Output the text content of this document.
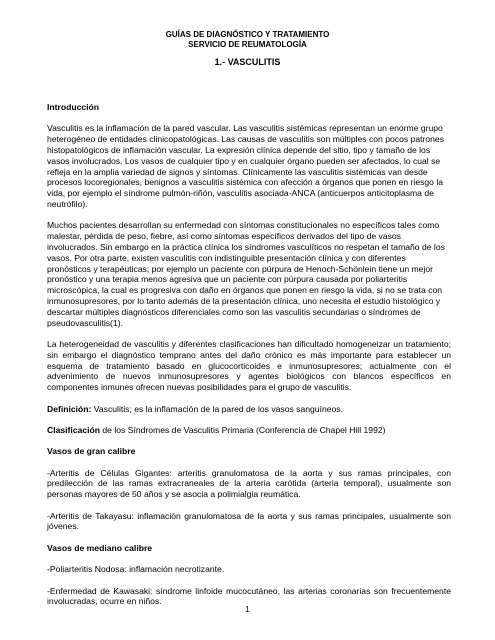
GUÍAS DE DIAGNÓSTICO Y TRATAMIENTO
SERVICIO DE REUMATOLOGÍA
1.- VASCULITIS

Introducción

Vasculitis es la inflamación de la pared vascular. Las vasculitis sistémicas representan un enorme grupo heterogéneo de entidades clinicopatológicas. Las causas de vasculitis son múltiples con pocos patrones histopatológicos de inflamación vascular. La expresión clínica depende del sitio, tipo y tamaño de los vasos involucrados. Los vasos de cualquier tipo y en cualquier órgano pueden ser afectados, lo cual se refleja en la amplia variedad de signos y síntomas. Clínicamente las vasculitis sistémicas van desde procesos locoregionales, benignos a vasculitis sistémica con afección a órganos que ponen en riesgo la vida, por ejemplo el síndrome pulmón-riñón, vasculitis asociada-ANCA (anticuerpos anticitoplasma de neutrófilo).

Muchos pacientes desarrollan su enfermedad con síntomas constitucionales no específicos tales como malestar, pérdida de peso, fiebre, así como síntomas específicos derivados del tipo de vasos involucrados. Sin embargo en la práctica clínica los síndromes vasculíticos no respetan el tamaño de los vasos. Por otra parte, existen vasculitis con indistinguible presentación clínica y con diferentes pronósticos y terapéuticas; por ejemplo un paciente con púrpura de Henoch-Schönlein tiene un mejor pronóstico y una terapia menos agresiva que un paciente con púrpura causada por poliarteritis microscópica, la cual es progresiva con daño en órganos que ponen en riesgo la vida, si no se trata con inmunosupresores, por lo tanto además de la presentación clínica, uno necesita el estudio histológico y descartar múltiples diagnósticos diferenciales como son las vasculitis secundarias o síndromes de pseudovasculitis(1).

La heterogeneidad de vasculitis y diferentes clasificaciones han dificultado homogeneizar un tratamiento; sin embargo el diagnóstico temprano antes del daño crónico es más importante para establecer un esquema de tratamiento basado en glucocorticoides e inmunosupresores; actualmente con el advenimiento de nuevos inmunosupresores y agentes biológicos con blancos específicos en componentes inmunes ofrecen nuevas posibilidades para el grupo de vasculitis.

Definición: Vasculitis; es la inflamación de la pared de los vasos sanguíneos.

Clasificación de los Síndromes de Vasculitis Primaria (Conferencia de Chapel Hill 1992)

Vasos de gran calibre

-Arteritis de Células Gigantes: arteritis granulomatosa de la aorta y sus ramas principales, con predilección de las ramas extracraneales de la arteria carótida (arteria temporal), usualmente son personas mayores de 50 años y se asocia a polimialgia reumática.

-Arteritis de Takayasu: inflamación granulomatosa de la aorta y sus ramas principales, usualmente son jóvenes.

Vasos de mediano calibre

-Poliarteritis Nodosa: inflamación necrotizante.

-Enfermedad de Kawasaki: síndrome linfoide mucocutáneo, las arterias coronarias son frecuentemente involucradas, ocurre en niños.

1
